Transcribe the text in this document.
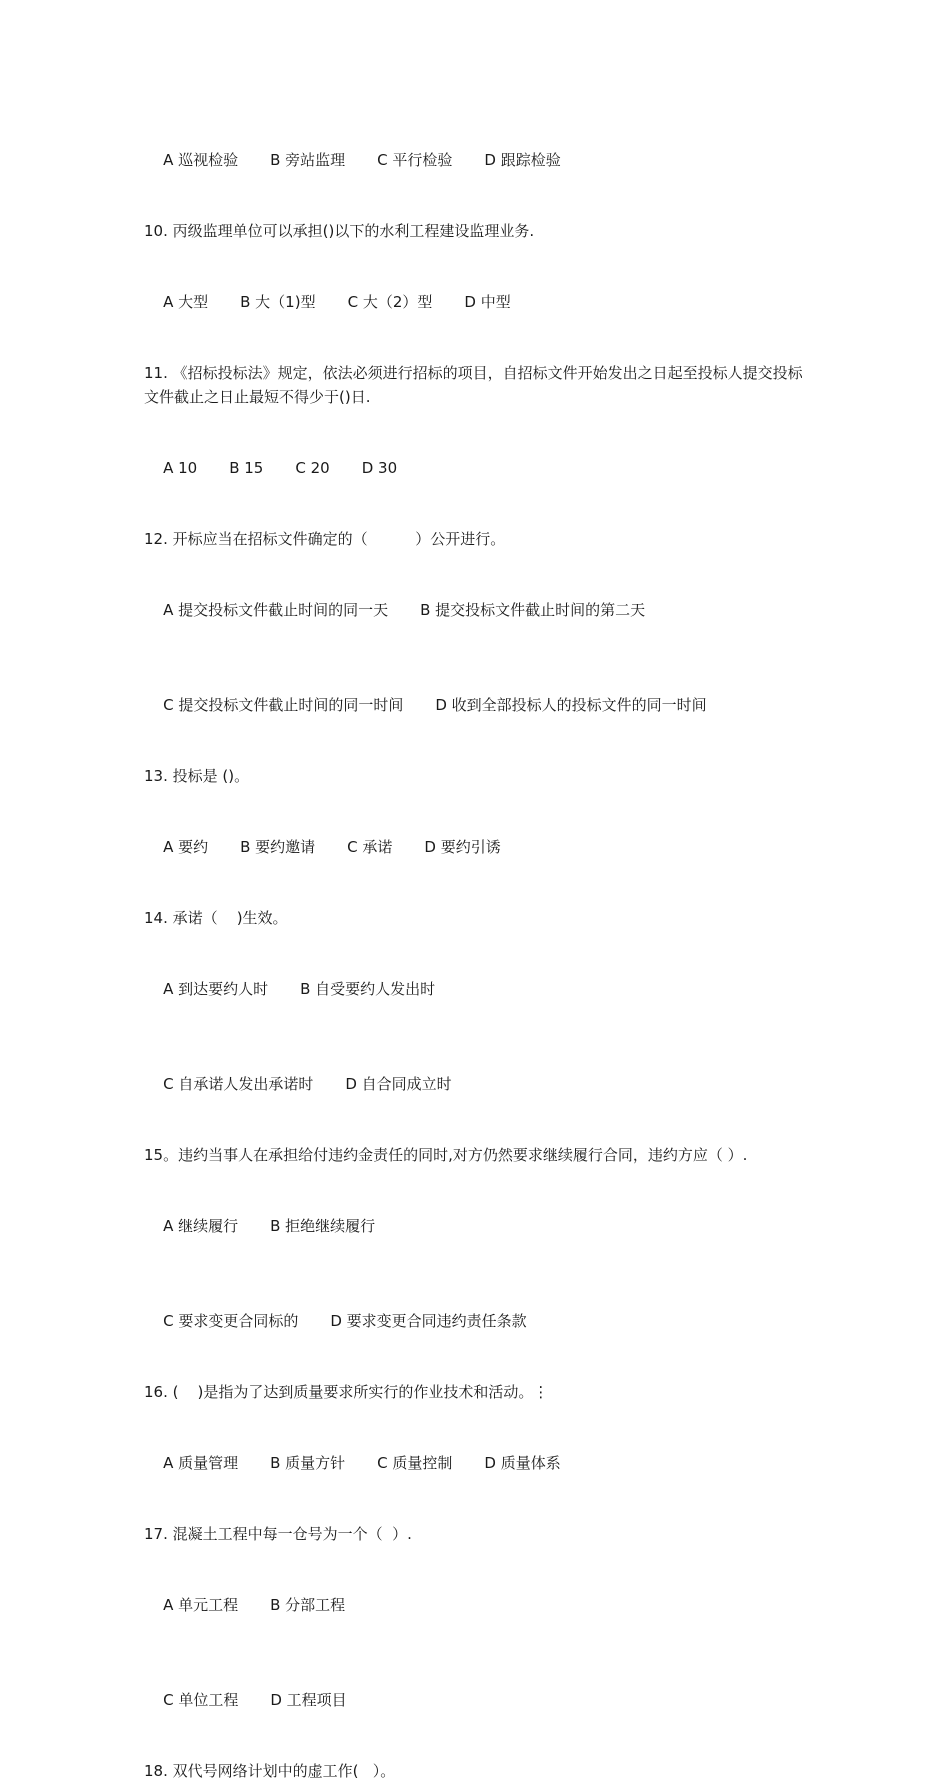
A 巡视检验 B 旁站监理 C 平行检验 D 跟踪检验

10. 丙级监理单位可以承担()以下的水利工程建设监理业务.

A 大型 B 大（1)型 C 大（2）型 D 中型

11. 《招标投标法》规定，依法必须进行招标的项目，自招标文件开始发出之日起至投标人提交投标文件截止之日止最短不得少于()日.

A 10 B 15 C 20 D 30

12. 开标应当在招标文件确定的（          ）公开进行。

A 提交投标文件截止时间的同一天 B 提交投标文件截止时间的第二天

C 提交投标文件截止时间的同一时间 D 收到全部投标人的投标文件的同一时间

13. 投标是 ()。

A 要约 B 要约邀请 C 承诺 D 要约引诱

14. 承诺（    )生效。

A 到达要约人时 B 自受要约人发出时

C 自承诺人发出承诺时 D 自合同成立时

15。违约当事人在承担给付违约金责任的同时,对方仍然要求继续履行合同，违约方应（ ）.

A 继续履行 B 拒绝继续履行

C 要求变更合同标的 D 要求变更合同违约责任条款

16. (    )是指为了达到质量要求所实行的作业技术和活动。⋮

A 质量管理 B 质量方针 C 质量控制 D 质量体系

17. 混凝土工程中每一仓号为一个（  ）.

A 单元工程 B 分部工程

C 单位工程 D 工程项目

18. 双代号网络计划中的虚工作(   ）。
